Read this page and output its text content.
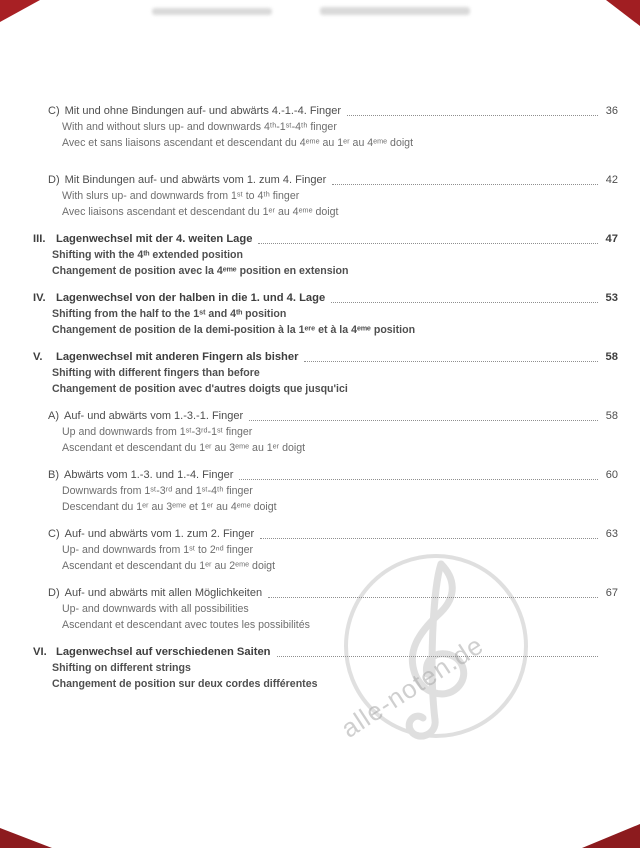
alle-noten.de
C) Mit und ohne Bindungen auf- und abwärts 4.-1.-4. Finger	36
With and without slurs up- and downwards 4ᵗʰ-1ˢᵗ-4ᵗʰ finger
Avec et sans liaisons ascendant et descendant du 4ᵉᵐᵉ au 1ᵉʳ au 4ᵉᵐᵉ doigt
D) Mit Bindungen auf- und abwärts vom 1. zum 4. Finger	42
With slurs up- and downwards from 1ˢᵗ to 4ᵗʰ finger
Avec liaisons ascendant et descendant du 1ᵉʳ au 4ᵉᵐᵉ doigt
III. Lagenwechsel mit der 4. weiten Lage	47
Shifting with the 4ᵗʰ extended position
Changement de position avec la 4ᵉᵐᵉ position en extension
IV. Lagenwechsel von der halben in die 1. und 4. Lage	53
Shifting from the half to the 1ˢᵗ and 4ᵗʰ position
Changement de position de la demi-position à la 1ᵉʳᵉ et à la 4ᵉᵐᵉ position
V.	Lagenwechsel mit anderen Fingern als bisher	58
Shifting with different fingers than before
Changement de position avec d'autres doigts que jusqu'ici
A) Auf- und abwärts vom 1.-3.-1. Finger	58
Up and downwards from 1ˢᵗ-3ʳᵈ-1ˢᵗ finger
Ascendant et descendant du 1ᵉʳ au 3ᵉᵐᵉ au 1ᵉʳ doigt
B) Abwärts vom 1.-3. und 1.-4. Finger	60
Downwards from 1ˢᵗ-3ʳᵈ and 1ˢᵗ-4ᵗʰ finger
Descendant du 1ᵉʳ au 3ᵉᵐᵉ et 1ᵉʳ au 4ᵉᵐᵉ doigt
C) Auf- und abwärts vom 1. zum 2. Finger	63
Up- and downwards from 1ˢᵗ to 2ⁿᵈ finger
Ascendant et descendant du 1ᵉʳ au 2ᵉᵐᵉ doigt
D) Auf- und abwärts mit allen Möglichkeiten	67
Up- and downwards with all possibilities
Ascendant et descendant avec toutes les possibilités
VI. Lagenwechsel auf verschiedenen Saiten
Shifting on different strings
Changement de position sur deux cordes différentes
